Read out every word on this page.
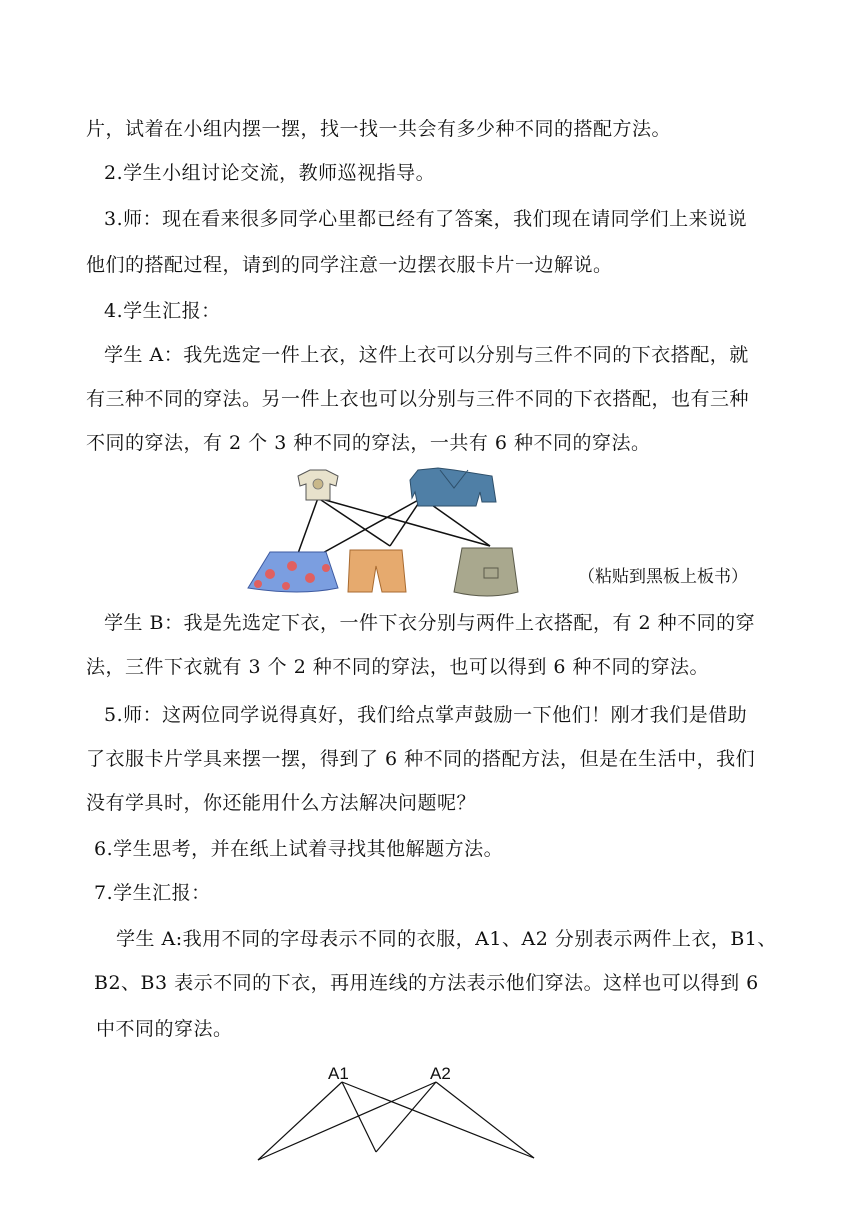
片，试着在小组内摆一摆，找一找一共会有多少种不同的搭配方法。
2.学生小组讨论交流，教师巡视指导。
3.师：现在看来很多同学心里都已经有了答案，我们现在请同学们上来说说
他们的搭配过程，请到的同学注意一边摆衣服卡片一边解说。
4.学生汇报：
学生 A：我先选定一件上衣，这件上衣可以分别与三件不同的下衣搭配，就
有三种不同的穿法。另一件上衣也可以分别与三件不同的下衣搭配，也有三种
不同的穿法，有 2 个 3 种不同的穿法，一共有 6 种不同的穿法。
（粘贴到黑板上板书）
学生 B：我是先选定下衣，一件下衣分别与两件上衣搭配，有 2 种不同的穿
法，三件下衣就有 3 个 2 种不同的穿法，也可以得到 6 种不同的穿法。
5.师：这两位同学说得真好，我们给点掌声鼓励一下他们！刚才我们是借助
了衣服卡片学具来摆一摆，得到了 6 种不同的搭配方法，但是在生活中，我们
没有学具时，你还能用什么方法解决问题呢？
6.学生思考，并在纸上试着寻找其他解题方法。
7.学生汇报：
学生 A:我用不同的字母表示不同的衣服，A1、A2 分别表示两件上衣，B1、
B2、B3 表示不同的下衣，再用连线的方法表示他们穿法。这样也可以得到 6
中不同的穿法。
A1	A2
